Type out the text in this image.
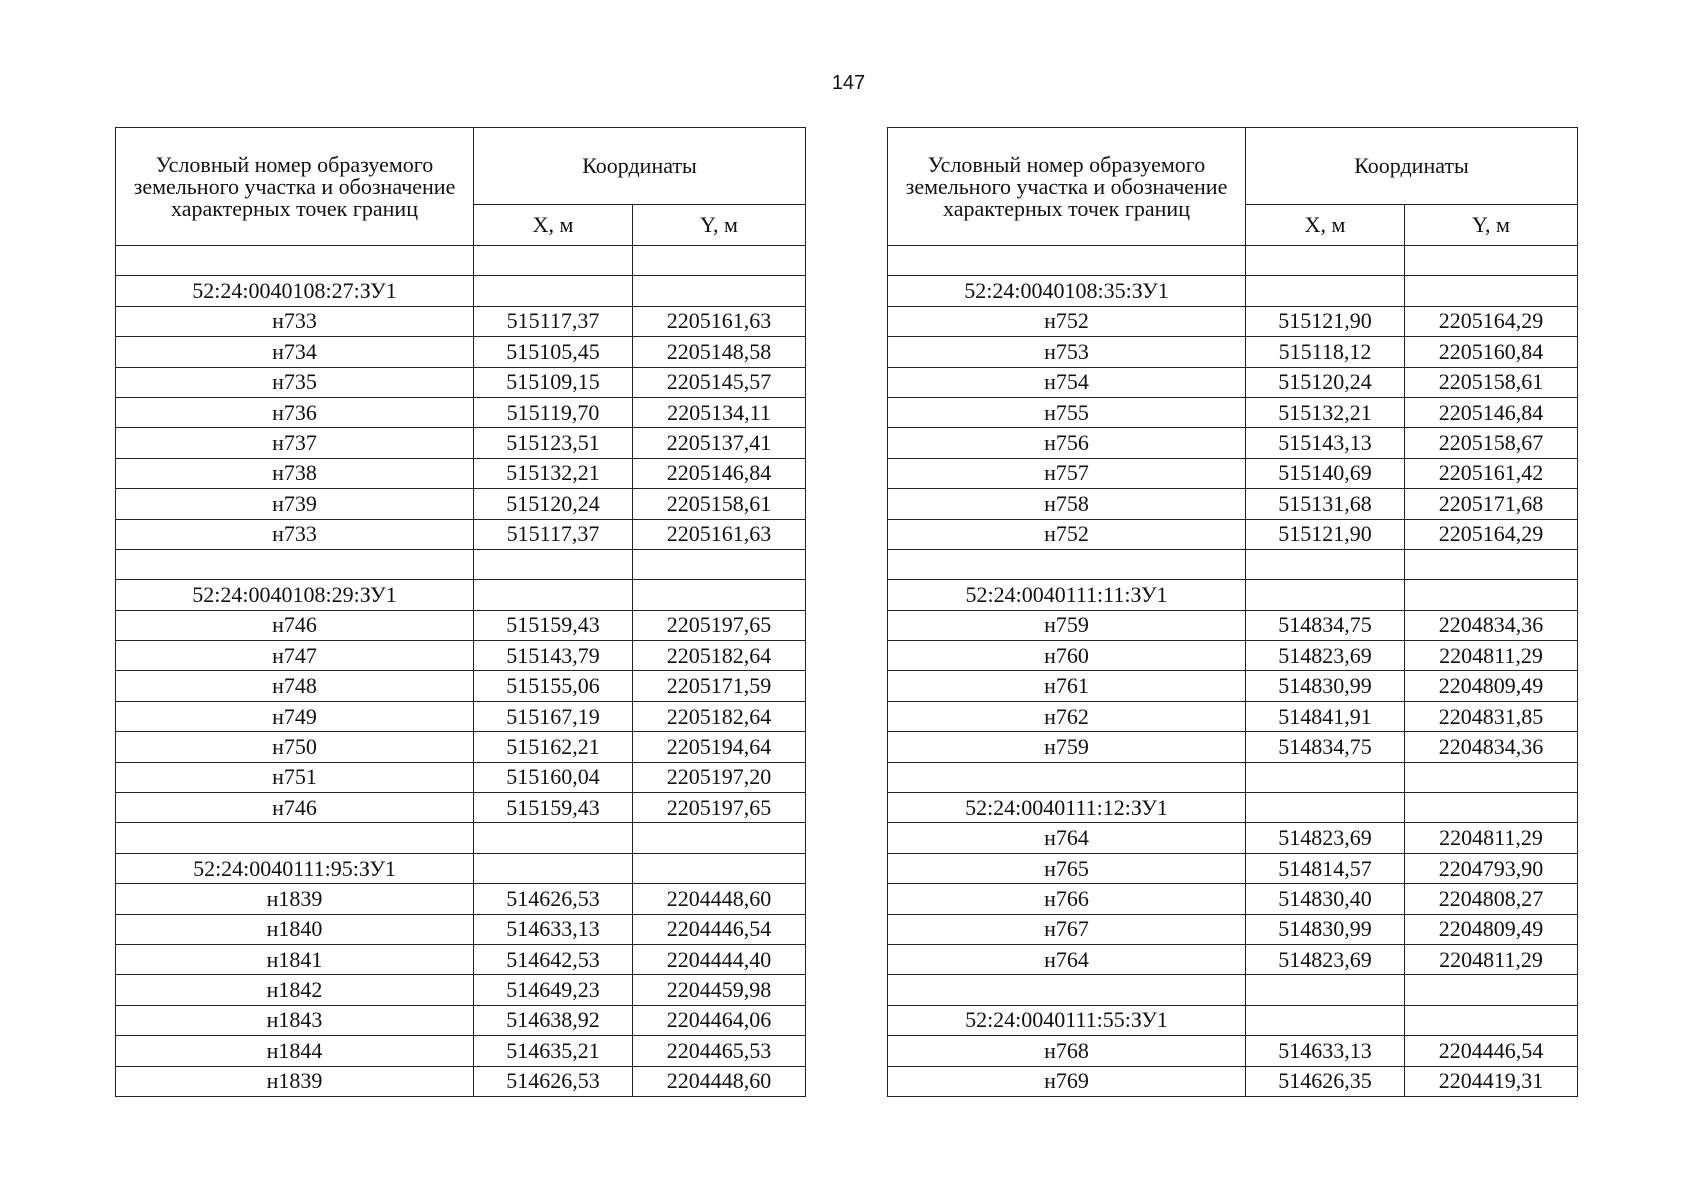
147
Условный номер образуемого земельного участка и обозначение характерных точек границ	Координаты	
	X, м	Y, м

52:24:0040108:27:ЗУ1		
н733	515117,37	2205161,63
н734	515105,45	2205148,58
н735	515109,15	2205145,57
н736	515119,70	2205134,11
н737	515123,51	2205137,41
н738	515132,21	2205146,84
н739	515120,24	2205158,61
н733	515117,37	2205161,63

52:24:0040108:29:ЗУ1		
н746	515159,43	2205197,65
н747	515143,79	2205182,64
н748	515155,06	2205171,59
н749	515167,19	2205182,64
н750	515162,21	2205194,64
н751	515160,04	2205197,20
н746	515159,43	2205197,65

52:24:0040111:95:ЗУ1		
н1839	514626,53	2204448,60
н1840	514633,13	2204446,54
н1841	514642,53	2204444,40
н1842	514649,23	2204459,98
н1843	514638,92	2204464,06
н1844	514635,21	2204465,53
н1839	514626,53	2204448,60
Условный номер образуемого земельного участка и обозначение характерных точек границ	Координаты	
	X, м	Y, м

52:24:0040108:35:ЗУ1		
н752	515121,90	2205164,29
н753	515118,12	2205160,84
н754	515120,24	2205158,61
н755	515132,21	2205146,84
н756	515143,13	2205158,67
н757	515140,69	2205161,42
н758	515131,68	2205171,68
н752	515121,90	2205164,29

52:24:0040111:11:ЗУ1		
н759	514834,75	2204834,36
н760	514823,69	2204811,29
н761	514830,99	2204809,49
н762	514841,91	2204831,85
н759	514834,75	2204834,36

52:24:0040111:12:ЗУ1		
н764	514823,69	2204811,29
н765	514814,57	2204793,90
н766	514830,40	2204808,27
н767	514830,99	2204809,49
н764	514823,69	2204811,29

52:24:0040111:55:ЗУ1		
н768	514633,13	2204446,54
н769	514626,35	2204419,31
